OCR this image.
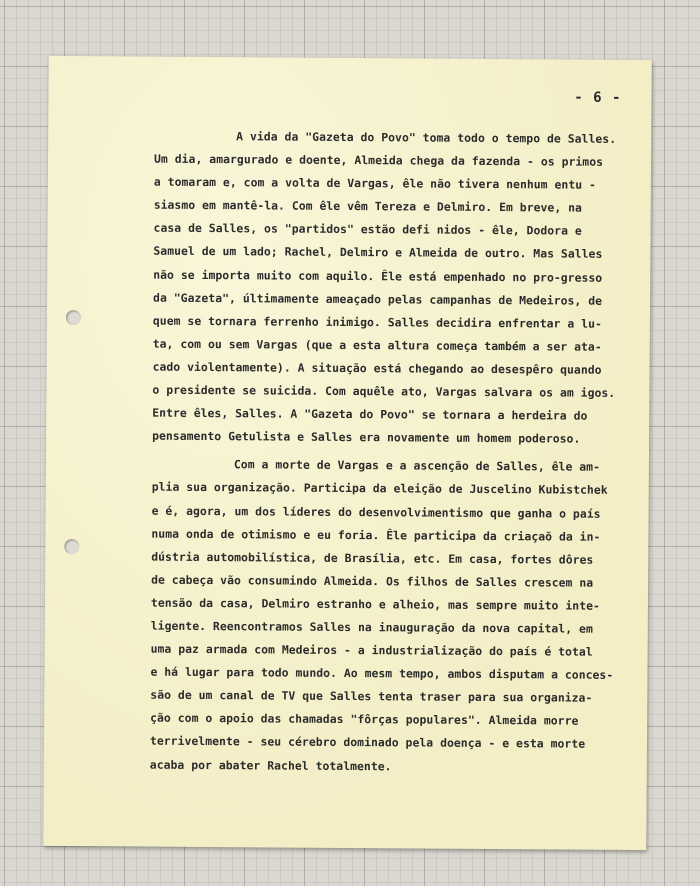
- 6 -
A vida da "Gazeta do Povo" toma todo o tempo de Salles.
Um dia, amargurado e doente, Almeida chega da fazenda - os primos
a tomaram e, com a volta de Vargas, êle não tivera nenhum entu -
siasmo em mantê-la. Com êle vêm Tereza e Delmiro. Em breve, na
casa de Salles, os "partidos" estão defi nidos - êle, Dodora e
Samuel de um lado; Rachel, Delmiro e Almeida de outro. Mas Salles
não se importa muito com aquilo. Êle está empenhado no pro-gresso
da "Gazeta", últimamente ameaçado pelas campanhas de Medeiros, de
quem se tornara ferrenho inimigo. Salles decidira enfrentar a lu-
ta, com ou sem Vargas (que a esta altura começa também a ser ata-
cado violentamente). A situação está chegando ao desespêro quando
o presidente se suicida. Com aquêle ato, Vargas salvara os am igos.
Entre êles, Salles. A "Gazeta do Povo" se tornara a herdeira do
pensamento Getulista e Salles era novamente um homem poderoso.
Com a morte de Vargas e a ascenção de Salles, êle am-
plia sua organização. Participa da eleição de Juscelino Kubistchek
e é, agora, um dos líderes do desenvolvimentismo que ganha o país
numa onda de otimismo e eu foria. Êle participa da criaçaõ da in-
dústria automobilística, de Brasília, etc. Em casa, fortes dôres
de cabeça vão consumindo Almeida. Os filhos de Salles crescem na
tensão da casa, Delmiro estranho e alheio, mas sempre muito inte-
ligente. Reencontramos Salles na inauguração da nova capital, em
uma paz armada com Medeiros - a industrialização do país é total
e há lugar para todo mundo. Ao mesm tempo, ambos disputam a conces-
são de um canal de TV que Salles tenta traser para sua organiza-
ção com o apoio das chamadas "fôrças populares". Almeida morre
terrivelmente - seu cérebro dominado pela doença - e esta morte
acaba por abater Rachel totalmente.
